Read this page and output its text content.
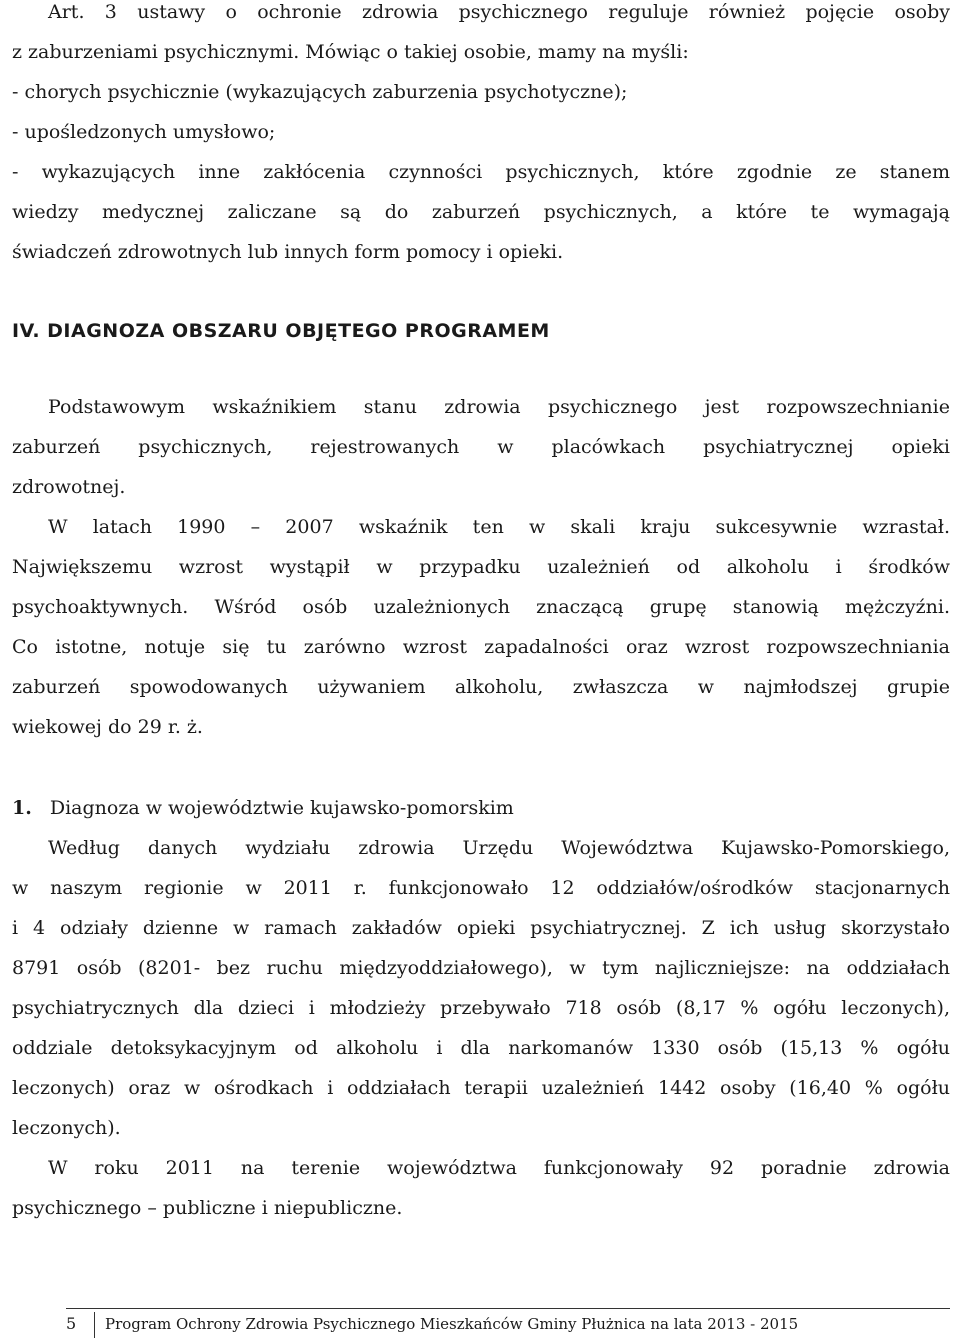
Art. 3 ustawy o ochronie zdrowia psychicznego reguluje również pojęcie osoby
z zaburzeniami psychicznymi. Mówiąc o takiej osobie, mamy na myśli:
- chorych psychicznie (wykazujących zaburzenia psychotyczne);
- upośledzonych umysłowo;
- wykazujących inne zakłócenia czynności psychicznych, które zgodnie ze stanem
wiedzy medycznej zaliczane są do zaburzeń psychicznych, a które te wymagają
świadczeń zdrowotnych lub innych form pomocy i opieki.
IV. DIAGNOZA OBSZARU OBJĘTEGO PROGRAMEM
Podstawowym wskaźnikiem stanu zdrowia psychicznego jest rozpowszechnianie
zaburzeń psychicznych, rejestrowanych w placówkach psychiatrycznej opieki
zdrowotnej.
W latach 1990 – 2007 wskaźnik ten w skali kraju sukcesywnie wzrastał.
Największemu wzrost wystąpił w przypadku uzależnień od alkoholu i środków
psychoaktywnych. Wśród osób uzależnionych znaczącą grupę stanowią mężczyźni.
Co istotne, notuje się tu zarówno wzrost zapadalności oraz wzrost rozpowszechniania
zaburzeń spowodowanych używaniem alkoholu, zwłaszcza w najmłodszej grupie
wiekowej do 29 r. ż.
1. Diagnoza w województwie kujawsko-pomorskim
Według danych wydziału zdrowia Urzędu Województwa Kujawsko-Pomorskiego,
w naszym regionie w 2011 r. funkcjonowało 12 oddziałów/ośrodków stacjonarnych
i 4 odziały dzienne w ramach zakładów opieki psychiatrycznej. Z ich usług skorzystało
8791 osób (8201- bez ruchu międzyoddziałowego), w tym najliczniejsze: na oddziałach
psychiatrycznych dla dzieci i młodzieży przebywało 718 osób (8,17 % ogółu leczonych),
oddziale detoksykacyjnym od alkoholu i dla narkomanów 1330 osób (15,13 % ogółu
leczonych) oraz w ośrodkach i oddziałach terapii uzależnień 1442 osoby (16,40 % ogółu
leczonych).
W roku 2011 na terenie województwa funkcjonowały 92 poradnie zdrowia
psychicznego – publiczne i niepubliczne.
5 Program Ochrony Zdrowia Psychicznego Mieszkańców Gminy Płużnica na lata 2013 - 2015
